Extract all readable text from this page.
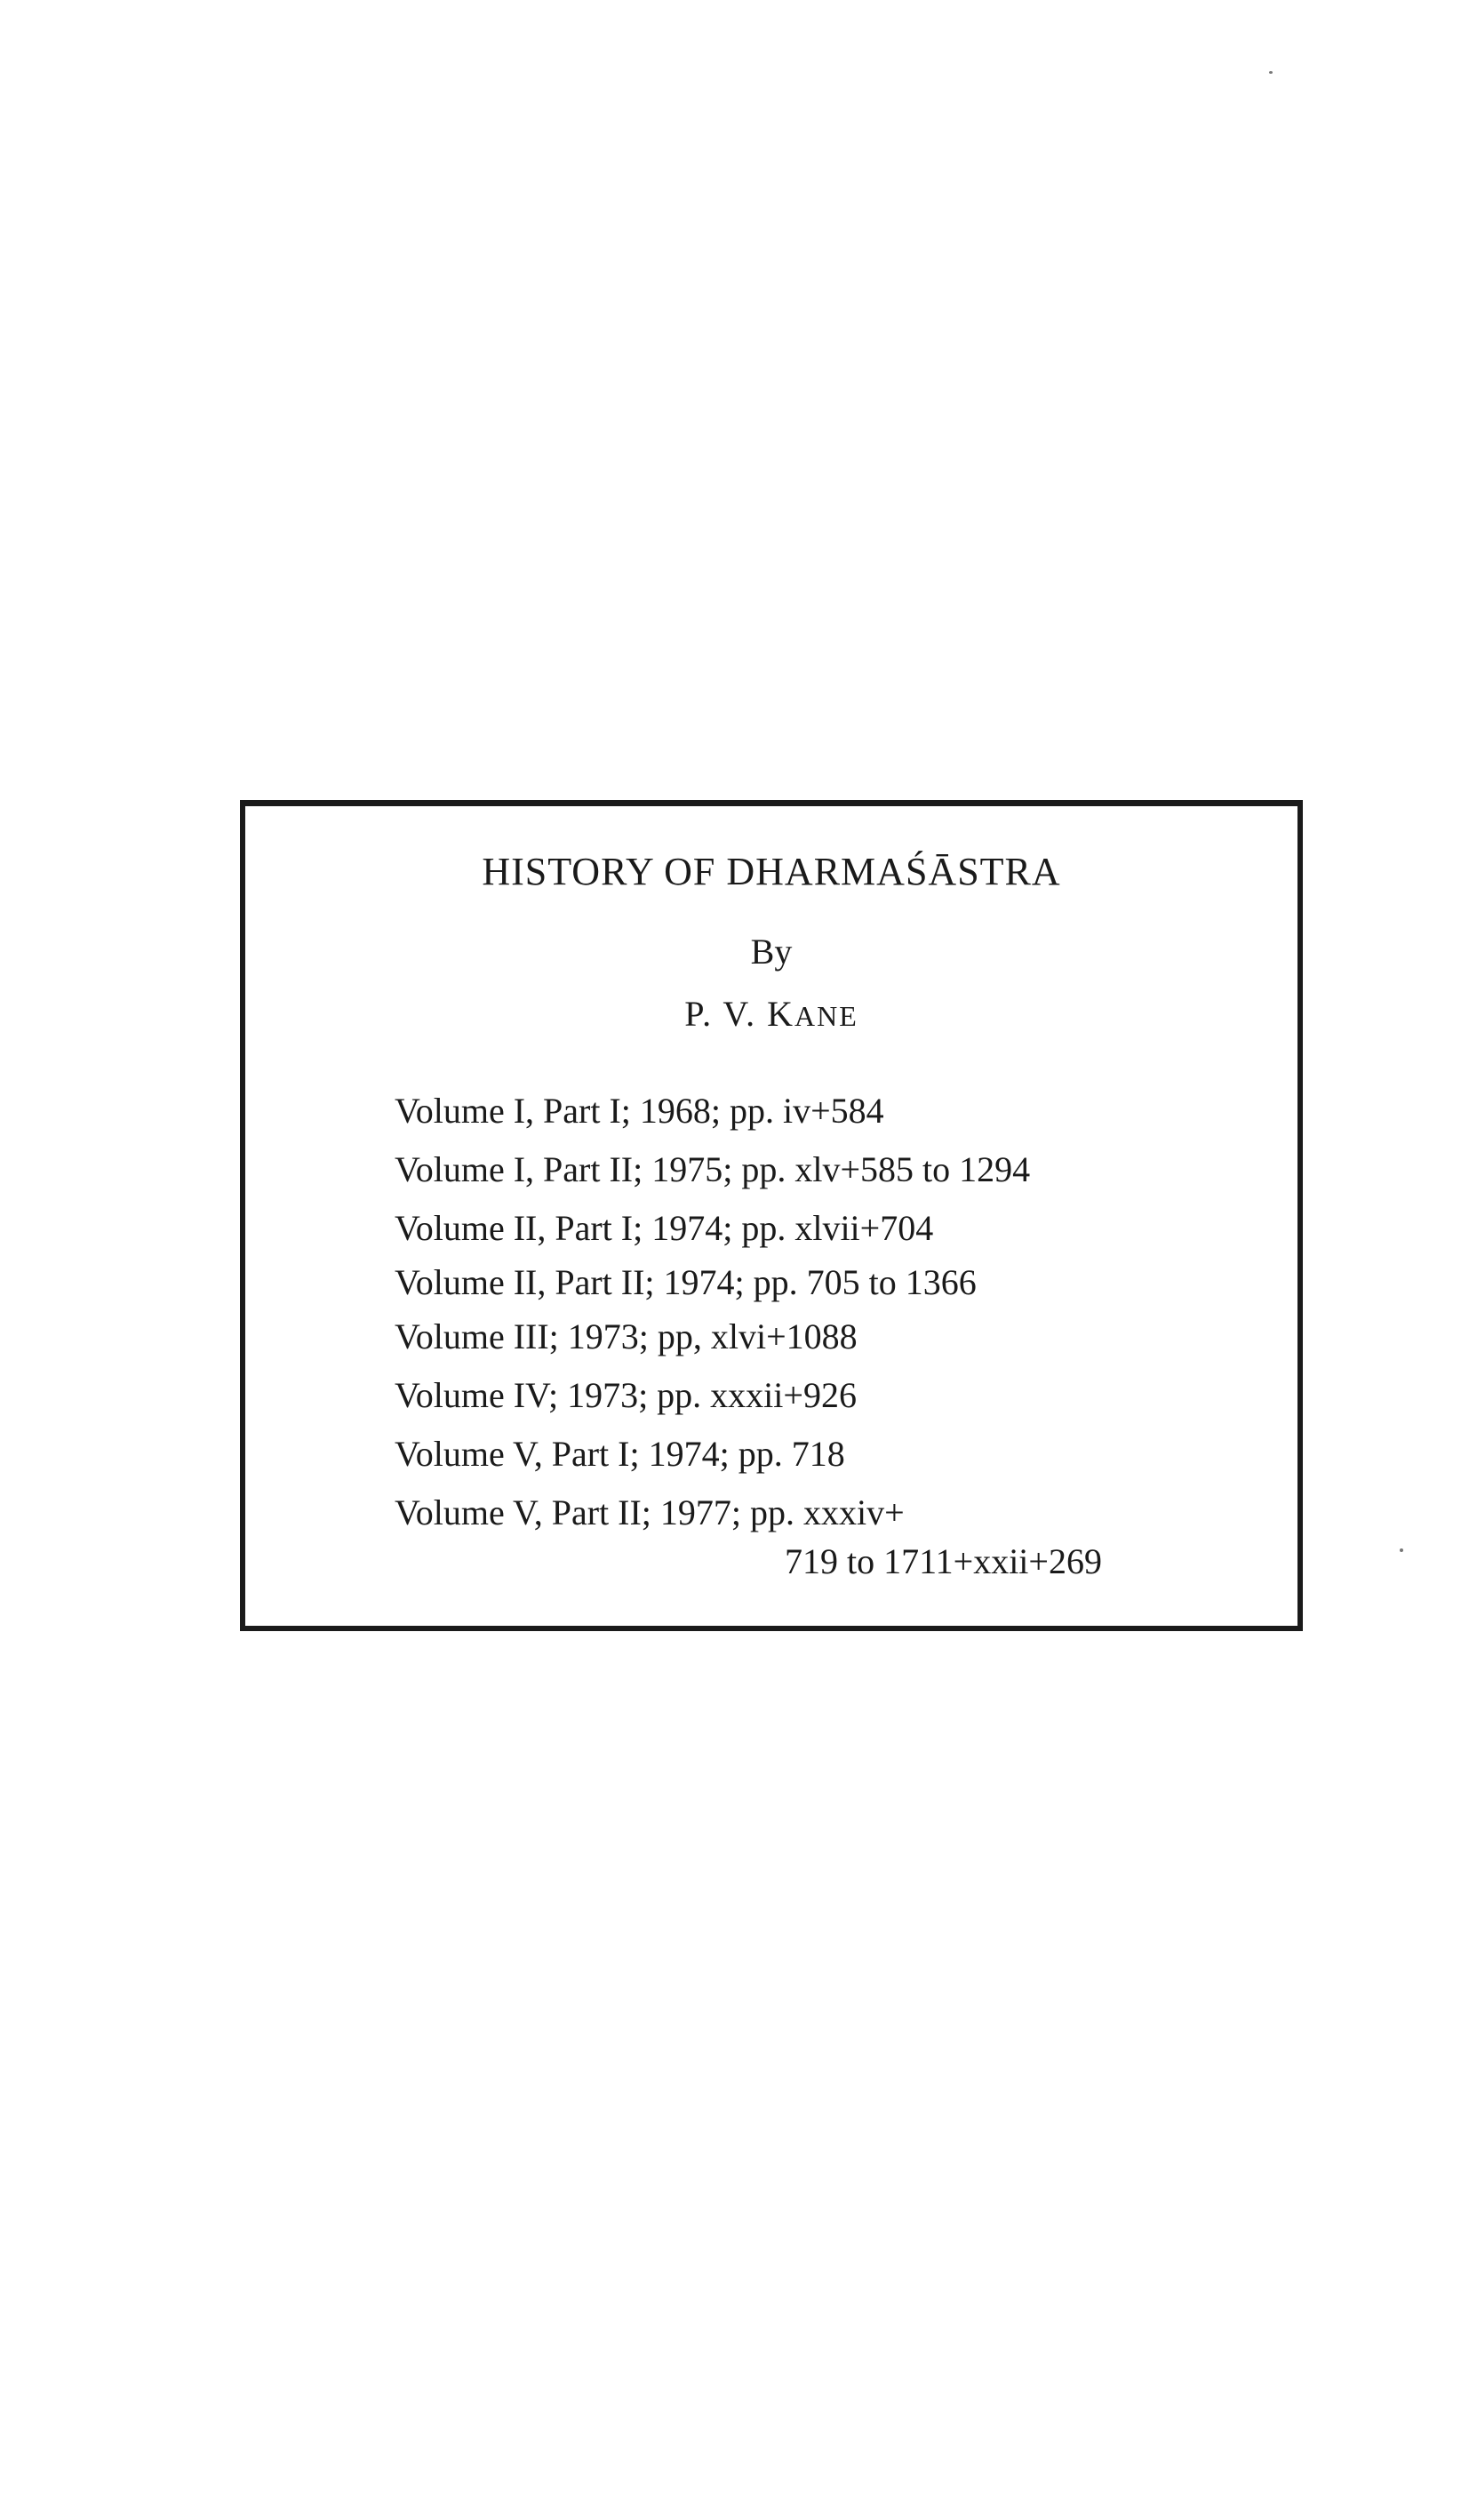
HISTORY OF DHARMAŚĀSTRA
By
P. V. KANE
Volume I, Part I; 1968; pp. iv+584
Volume I, Part II; 1975; pp. xlv+585 to 1294
Volume II, Part I; 1974; pp. xlvii+704
Volume II, Part II; 1974; pp. 705 to 1366
Volume III; 1973; pp, xlvi+1088
Volume IV; 1973; pp. xxxii+926
Volume V, Part I; 1974; pp. 718
Volume V, Part II; 1977; pp. xxxiv+
719 to 1711+xxii+269
